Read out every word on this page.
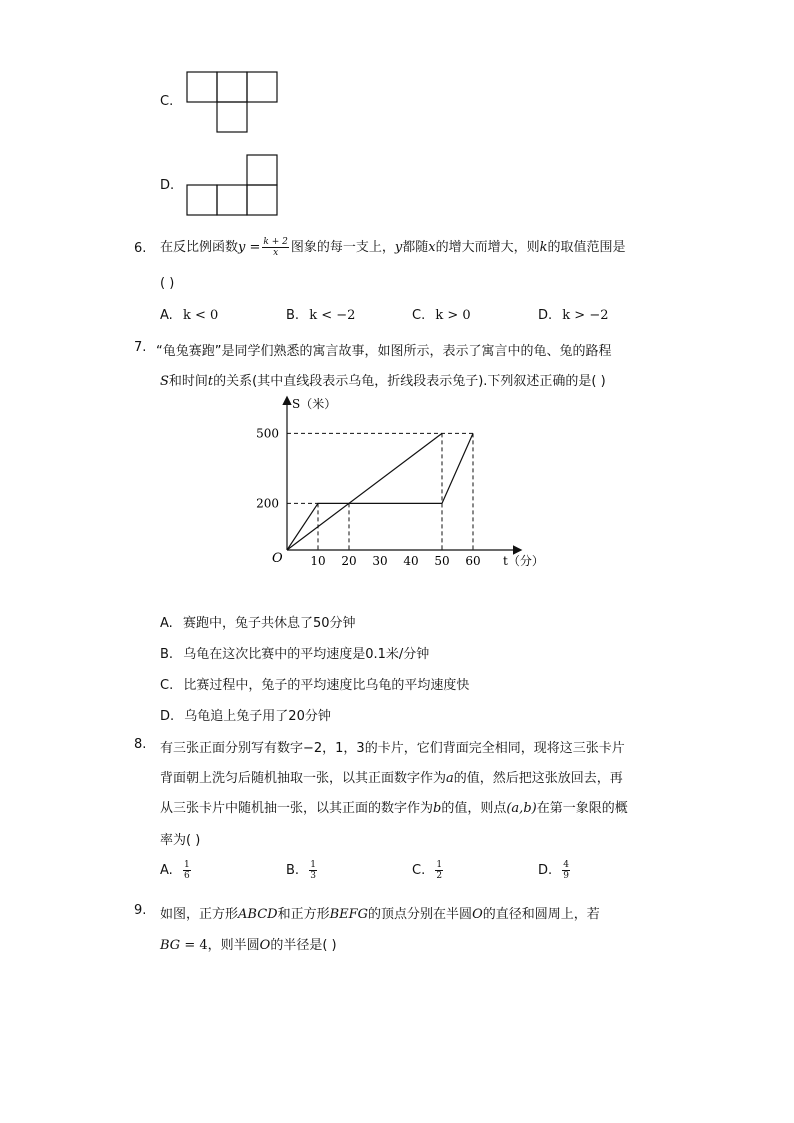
C.
D.
6. 在反比例函数$y = \frac{k + 2}{x}$ 图象的每一支上，y都随x的增大而增大，则k的取值范围是
( )
A. k < 0	B. k < −2	C. k > 0	D. k > −2
7. “龟兔赛跑”是同学们熟悉的寓言故事，如图所示，表示了寓言中的龟、兔的路程
S和时间t的关系(其中直线段表示乌龟，折线段表示兔子).下列叙述正确的是( )
S（米）
t（分）
O 10 20 30 40 50 60
200
500
A. 赛跑中，兔子共休息了50分钟
B. 乌龟在这次比赛中的平均速度是0.1米/分钟
C. 比赛过程中，兔子的平均速度比乌龟的平均速度快
D. 乌龟追上兔子用了20分钟
8. 有三张正面分别写有数字−2，1，3的卡片，它们背面完全相同，现将这三张卡片
背面朝上洗匀后随机抽取一张，以其正面数字作为a的值，然后把这张放回去，再
从三张卡片中随机抽一张，以其正面的数字作为b的值，则点(a,b)在第一象限的概
率为( )
A. $\frac{1}{6}$	B. $\frac{1}{3}$	C. $\frac{1}{2}$	D. $\frac{4}{9}$
9. 如图，正方形ABCD和正方形BEFG的顶点分别在半圆O的直径和圆周上，若
BG = 4，则半圆O的半径是( )
